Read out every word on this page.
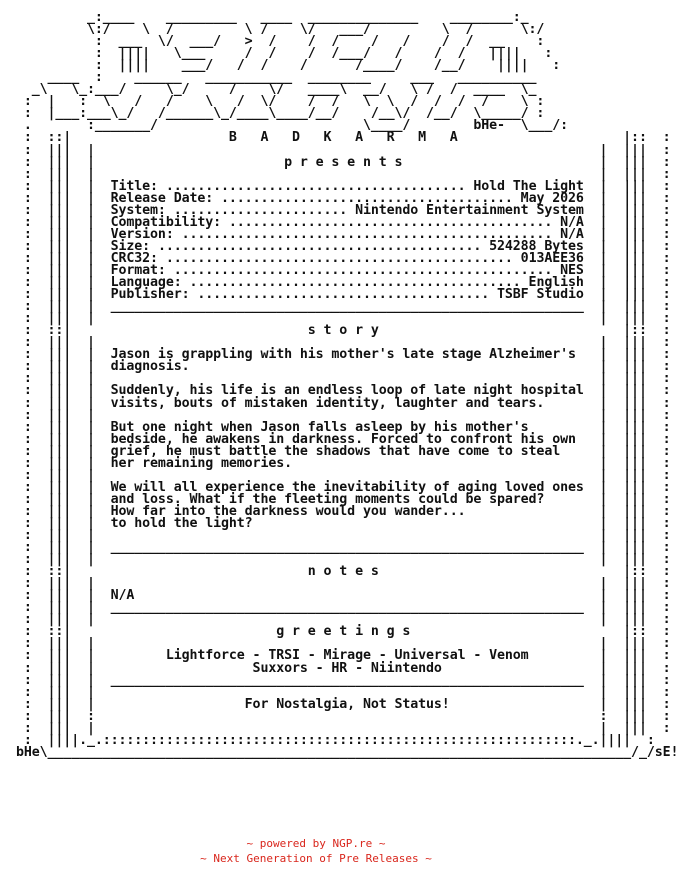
_:____    _________   ____  ______________    ________:_
\:/    \  /         \ /    \/   ___/         \  /      \:/
:  ___  \/  ___/   >  /    /  /    /   /    /  /  __    :
:  ||||   \___     /  /    /  /___/   /    /  /   ||||   :
:  ||||    ___/   /  /    /      /____/    /__/    ||||   :
____  :    ______   ___________  ________     ___   __________
_\   \_:___/     \_/     /    \/   ____\  __/   \ /  /  ____  \_
:  |   :  \   /   /    \   /  \/    /  /   \  \  /  /  /  /    \ :
:  |___:___\_/   /______\_/____\____/__/    /__\/  /__/  \_____/ :
.       :_______/                          \____/        bHe-  \___/:
:  ::|                    B   A   D   K   A   R   M   A                     |::  :
:  |||  |                                                                |  |||  :
:  |||  |                        p r e s e n t s                         |  |||  :
:  |||  |                                                                |  |||  :
:  |||  |  Title: ...................................... Hold The Light  |  |||  :
:  |||  |  Release Date: ..................................... May 2026  |  |||  :
:  |||  |  System: ...................... Nintendo Entertainment System  |  |||  :
:  |||  |  Compatibility: ......................................... N/A  |  |||  :
:  |||  |  Version: ............................................... N/A  |  |||  :
:  |||  |  Size: ......................................... 524288 Bytes  |  |||  :
:  |||  |  CRC32: ............................................ 013AEE36  |  |||  :
:  |||  |  Format: ................................................ NES  |  |||  :
:  |||  |  Language: .......................................... English  |  |||  :
:  |||  |  Publisher: ..................................... TSBF Studio  |  |||  :
:  |||  |  ____________________________________________________________  |  |||  :
:  |||  |                                                                |  |||  :
:  ::|                              s t o r y                               |::  :
:  |||  |                                                                |  |||  :
:  |||  |  Jason is grappling with his mother's late stage Alzheimer's   |  |||  :
:  |||  |  diagnosis.                                                    |  |||  :
:  |||  |                                                                |  |||  :
:  |||  |  Suddenly, his life is an endless loop of late night hospital  |  |||  :
:  |||  |  visits, bouts of mistaken identity, laughter and tears.       |  |||  :
:  |||  |                                                                |  |||  :
:  |||  |  But one night when Jason falls asleep by his mother's         |  |||  :
:  |||  |  bedside, he awakens in darkness. Forced to confront his own   |  |||  :
:  |||  |  grief, he must battle the shadows that have come to steal     |  |||  :
:  |||  |  her remaining memories.                                       |  |||  :
:  |||  |                                                                |  |||  :
:  |||  |  We will all experience the inevitability of aging loved ones  |  |||  :
:  |||  |  and loss. What if the fleeting moments could be spared?       |  |||  :
:  |||  |  How far into the darkness would you wander...                 |  |||  :
:  |||  |  to hold the light?                                            |  |||  :
:  |||  |                                                                |  |||  :
:  |||  |  ____________________________________________________________  |  |||  :
:  |||  |                                                                |  |||  :
:  ::|                              n o t e s                               |::  :
:  |||  |                                                                |  |||  :
:  |||  |  N/A                                                           |  |||  :
:  |||  |  ____________________________________________________________  |  |||  :
:  |||  |                                                                |  |||  :
:  ::|                          g r e e t i n g s                           |::  :
:  |||  |                                                                |  |||  :
:  |||  |         Lightforce - TRSI - Mirage - Universal - Venom         |  |||  :
:  |||  |                    Suxxors - HR - Niintendo                    |  |||  :
:  |||  |  ____________________________________________________________  |  |||  :
:  |||  |                                                                |  |||  :
:  |||  |                   For Nostalgia, Not Status!                   |  |||  :
:  |||  :                                                                :  |||  :
:  |||  |                                                                |  |||  :
:  ||||._.::::::::::::::::::::::::::::::::::::::::::::::::::::::::::::._.||||  :
bHe\__________________________________________________________________________/_/sE!
~ powered by NGP.re ~
~ Next Generation of Pre Releases ~
